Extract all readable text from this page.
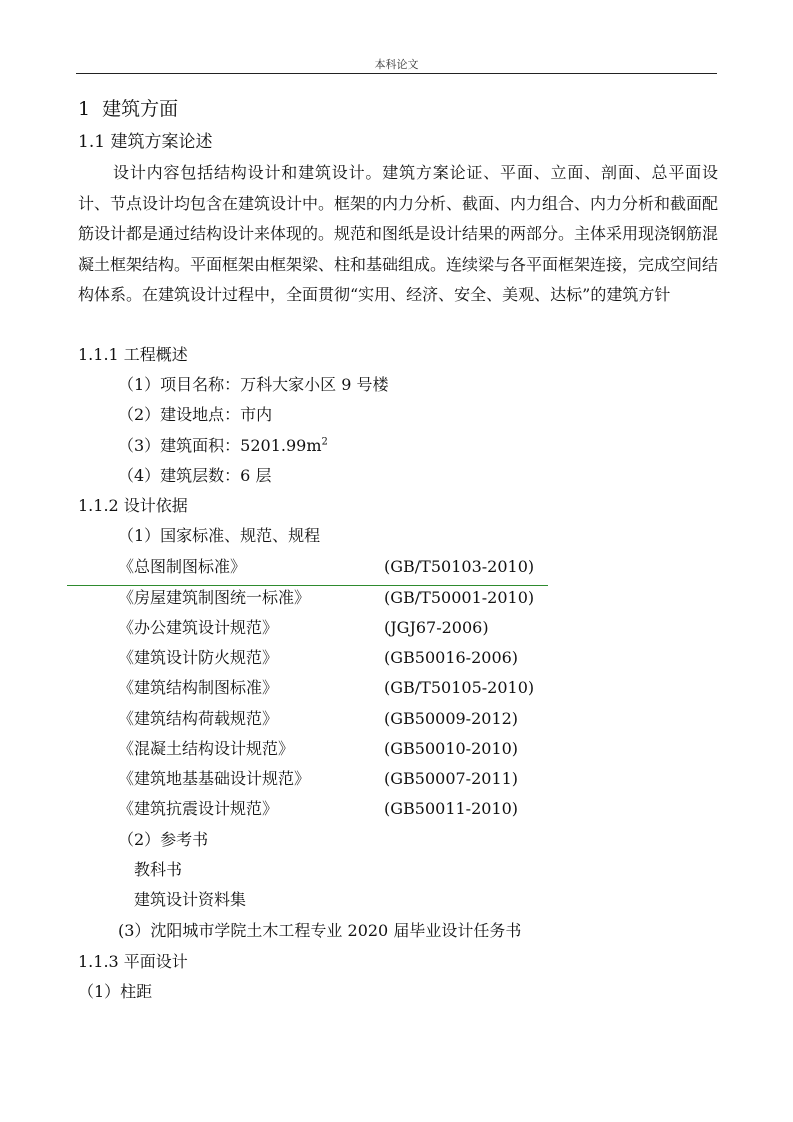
本科论文
1 建筑方面
1.1 建筑方案论述

设计内容包括结构设计和建筑设计。建筑方案论证、平面、立面、剖面、总平面设计、节点设计均包含在建筑设计中。框架的内力分析、截面、内力组合、内力分析和截面配筋设计都是通过结构设计来体现的。规范和图纸是设计结果的两部分。主体采用现浇钢筋混凝土框架结构。平面框架由框架梁、柱和基础组成。连续梁与各平面框架连接，完成空间结构体系。在建筑设计过程中，全面贯彻“实用、经济、安全、美观、达标”的建筑方针

1.1.1 工程概述
（1）项目名称：万科大家小区 9 号楼
（2）建设地点：市内
（3）建筑面积：$5201.99m^2$
（4）建筑层数：6 层
1.1.2 设计依据
（1）国家标准、规范、规程
《总图制图标准》	(GB/T50103-2010)
《房屋建筑制图统一标准》	(GB/T50001-2010)
《办公建筑设计规范》	(JGJ67-2006)
《建筑设计防火规范》	(GB50016-2006)
《建筑结构制图标准》	(GB/T50105-2010)
《建筑结构荷载规范》	(GB50009-2012)
《混凝土结构设计规范》	(GB50010-2010)
《建筑地基基础设计规范》	(GB50007-2011)
《建筑抗震设计规范》	(GB50011-2010)
（2）参考书
教科书
建筑设计资料集
(3）沈阳城市学院土木工程专业 2020 届毕业设计任务书
1.1.3 平面设计
（1）柱距
